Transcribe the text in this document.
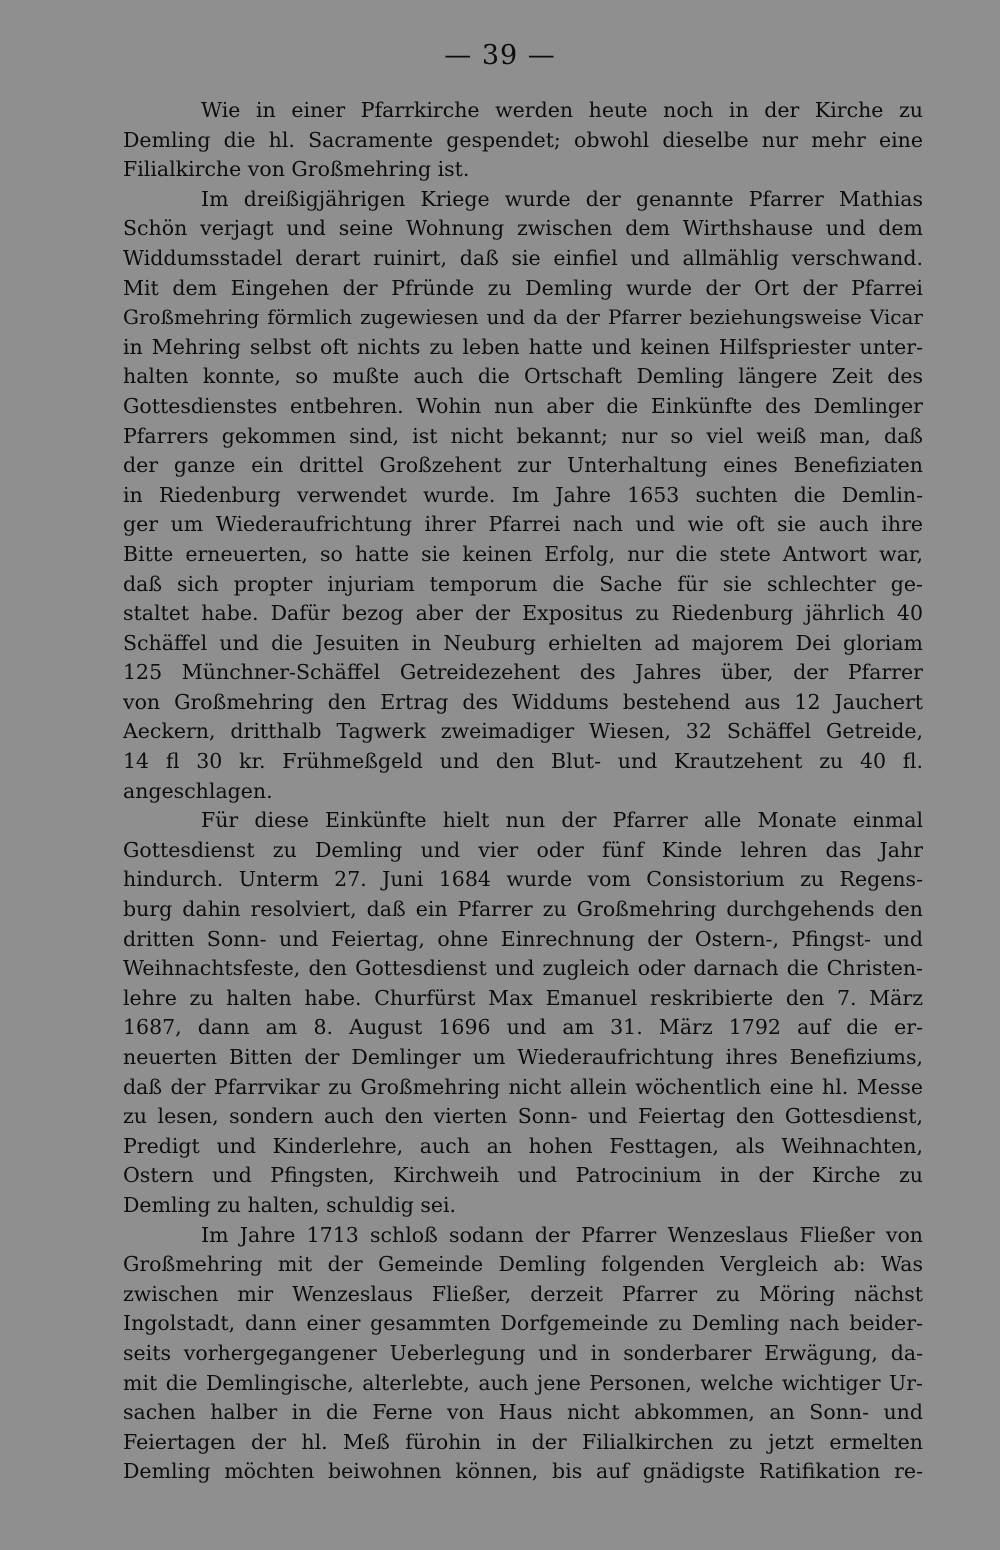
— 39 —
Wie in einer Pfarrkirche werden heute noch in der Kirche zu
Demling die hl. Sacramente gespendet; obwohl dieselbe nur mehr eine
Filialkirche von Großmehring ist.
Im dreißigjährigen Kriege wurde der genannte Pfarrer Mathias
Schön verjagt und seine Wohnung zwischen dem Wirthshause und dem
Widdumsstadel derart ruinirt, daß sie einfiel und allmählig verschwand.
Mit dem Eingehen der Pfründe zu Demling wurde der Ort der Pfarrei
Großmehring förmlich zugewiesen und da der Pfarrer beziehungsweise Vicar
in Mehring selbst oft nichts zu leben hatte und keinen Hilfspriester unter-
halten konnte, so mußte auch die Ortschaft Demling längere Zeit des
Gottesdienstes entbehren. Wohin nun aber die Einkünfte des Demlinger
Pfarrers gekommen sind, ist nicht bekannt; nur so viel weiß man, daß
der ganze ein drittel Großzehent zur Unterhaltung eines Benefiziaten
in Riedenburg verwendet wurde. Im Jahre 1653 suchten die Demlin-
ger um Wiederaufrichtung ihrer Pfarrei nach und wie oft sie auch ihre
Bitte erneuerten, so hatte sie keinen Erfolg, nur die stete Antwort war,
daß sich propter injuriam temporum die Sache für sie schlechter ge-
staltet habe. Dafür bezog aber der Expositus zu Riedenburg jährlich 40
Schäffel und die Jesuiten in Neuburg erhielten ad majorem Dei gloriam
125 Münchner-Schäffel Getreidezehent des Jahres über, der Pfarrer
von Großmehring den Ertrag des Widdums bestehend aus 12 Jauchert
Aeckern, dritthalb Tagwerk zweimadiger Wiesen, 32 Schäffel Getreide,
14 fl 30 kr. Frühmeßgeld und den Blut- und Krautzehent zu 40 fl.
angeschlagen.
Für diese Einkünfte hielt nun der Pfarrer alle Monate einmal
Gottesdienst zu Demling und vier oder fünf Kinde lehren das Jahr
hindurch. Unterm 27. Juni 1684 wurde vom Consistorium zu Regens-
burg dahin resolviert, daß ein Pfarrer zu Großmehring durchgehends den
dritten Sonn- und Feiertag, ohne Einrechnung der Ostern-, Pfingst- und
Weihnachtsfeste, den Gottesdienst und zugleich oder darnach die Christen-
lehre zu halten habe. Churfürst Max Emanuel reskribierte den 7. März
1687, dann am 8. August 1696 und am 31. März 1792 auf die er-
neuerten Bitten der Demlinger um Wiederaufrichtung ihres Benefiziums,
daß der Pfarrvikar zu Großmehring nicht allein wöchentlich eine hl. Messe
zu lesen, sondern auch den vierten Sonn- und Feiertag den Gottesdienst,
Predigt und Kinderlehre, auch an hohen Festtagen, als Weihnachten,
Ostern und Pfingsten, Kirchweih und Patrocinium in der Kirche zu
Demling zu halten, schuldig sei.
Im Jahre 1713 schloß sodann der Pfarrer Wenzeslaus Fließer von
Großmehring mit der Gemeinde Demling folgenden Vergleich ab: Was
zwischen mir Wenzeslaus Fließer, derzeit Pfarrer zu Möring nächst
Ingolstadt, dann einer gesammten Dorfgemeinde zu Demling nach beider-
seits vorhergegangener Ueberlegung und in sonderbarer Erwägung, da-
mit die Demlingische, alterlebte, auch jene Personen, welche wichtiger Ur-
sachen halber in die Ferne von Haus nicht abkommen, an Sonn- und
Feiertagen der hl. Meß fürohin in der Filialkirchen zu jetzt ermelten
Demling möchten beiwohnen können, bis auf gnädigste Ratifikation re-
